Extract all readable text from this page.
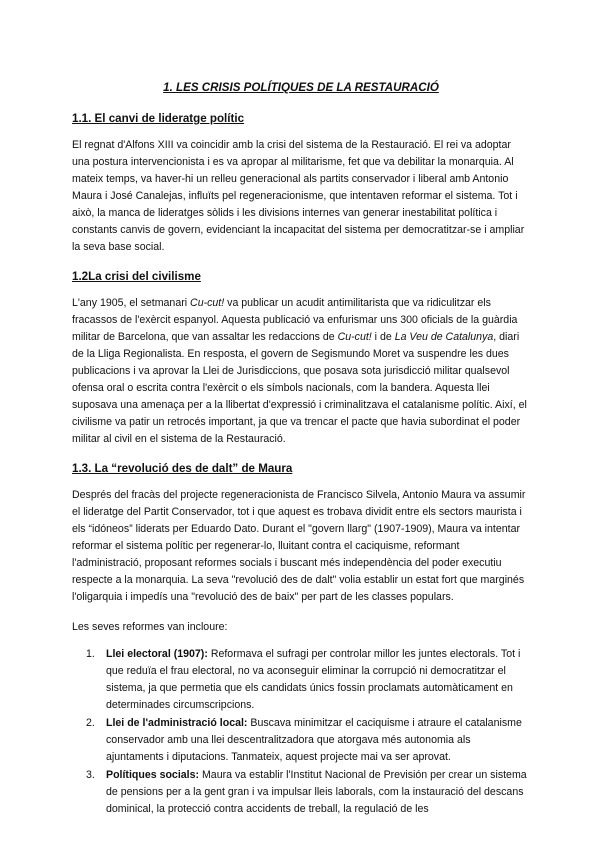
1. LES CRISIS POLÍTIQUES DE LA RESTAURACIÓ
1.1. El canvi de lideratge polític
El regnat d'Alfons XIII va coincidir amb la crisi del sistema de la Restauració. El rei va adoptar una postura intervencionista i es va apropar al militarisme, fet que va debilitar la monarquia. Al mateix temps, va haver-hi un relleu generacional als partits conservador i liberal amb Antonio Maura i José Canalejas, influïts pel regeneracionisme, que intentaven reformar el sistema. Tot i això, la manca de lideratges sòlids i les divisions internes van generar inestabilitat política i constants canvis de govern, evidenciant la incapacitat del sistema per democratitzar-se i ampliar la seva base social.
1.2La crisi del civilisme
L'any 1905, el setmanari Cu-cut! va publicar un acudit antimilitarista que va ridiculitzar els fracassos de l'exèrcit espanyol. Aquesta publicació va enfurismar uns 300 oficials de la guàrdia militar de Barcelona, que van assaltar les redaccions de Cu-cut! i de La Veu de Catalunya, diari de la Lliga Regionalista. En resposta, el govern de Segismundo Moret va suspendre les dues publicacions i va aprovar la Llei de Jurisdiccions, que posava sota jurisdicció militar qualsevol ofensa oral o escrita contra l'exèrcit o els símbols nacionals, com la bandera. Aquesta llei suposava una amenaça per a la llibertat d'expressió i criminalitzava el catalanisme polític. Així, el civilisme va patir un retrocés important, ja que va trencar el pacte que havia subordinat el poder militar al civil en el sistema de la Restauració.
1.3. La “revolució des de dalt” de Maura
Després del fracàs del projecte regeneracionista de Francisco Silvela, Antonio Maura va assumir el lideratge del Partit Conservador, tot i que aquest es trobava dividit entre els sectors maurista i els “idóneos” liderats per Eduardo Dato. Durant el "govern llarg" (1907-1909), Maura va intentar reformar el sistema polític per regenerar-lo, lluitant contra el caciquisme, reformant l'administració, proposant reformes socials i buscant més independència del poder executiu respecte a la monarquia. La seva "revolució des de dalt" volia establir un estat fort que marginés l'oligarquia i impedís una "revolució des de baix" per part de les classes populars.
Les seves reformes van incloure:
1. Llei electoral (1907): Reformava el sufragi per controlar millor les juntes electorals. Tot i que reduïa el frau electoral, no va aconseguir eliminar la corrupció ni democratitzar el sistema, ja que permetia que els candidats únics fossin proclamats automàticament en determinades circumscripcions.
2. Llei de l'administració local: Buscava minimitzar el caciquisme i atraure el catalanisme conservador amb una llei descentralitzadora que atorgava més autonomia als ajuntaments i diputacions. Tanmateix, aquest projecte mai va ser aprovat.
3. Polítiques socials: Maura va establir l'Institut Nacional de Previsión per crear un sistema de pensions per a la gent gran i va impulsar lleis laborals, com la instauració del descans dominical, la protecció contra accidents de treball, la regulació de les
